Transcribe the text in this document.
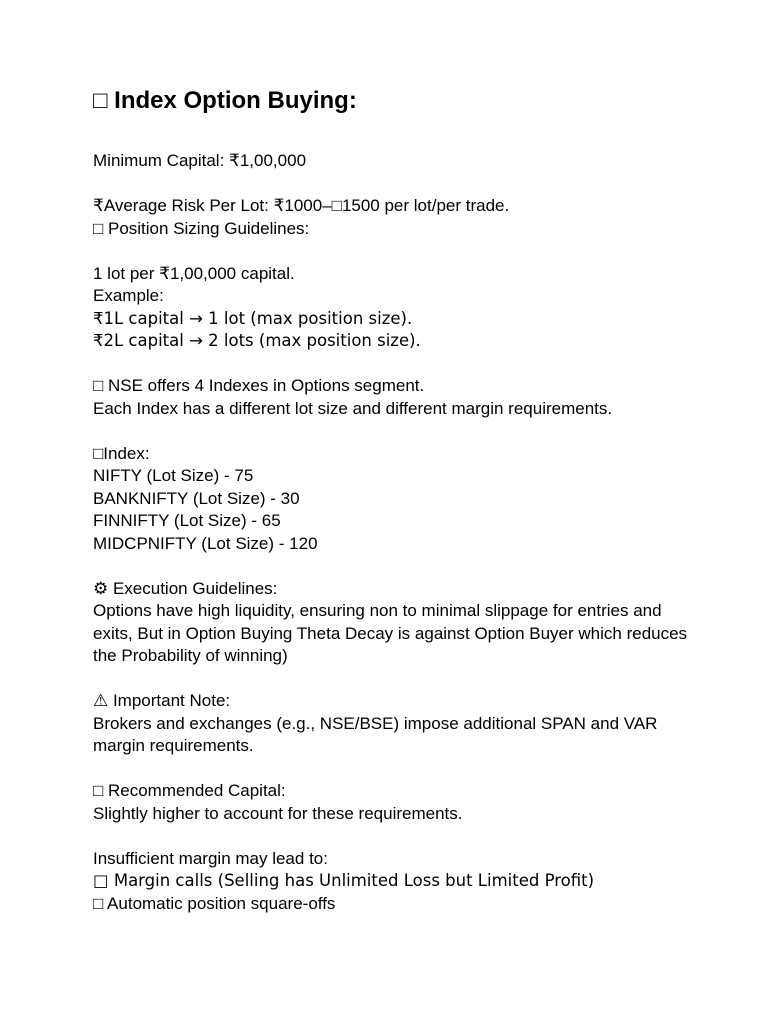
□ Index Option Buying:
Minimum Capital: ₹1,00,000
₹Average Risk Per Lot: ₹1000–□1500 per lot/per trade.
□ Position Sizing Guidelines:
1 lot per ₹1,00,000 capital.
Example:
₹1L capital → 1 lot (max position size).
₹2L capital → 2 lots (max position size).
□ NSE offers 4 Indexes in Options segment.
Each Index has a different lot size and different margin requirements.
□Index:
NIFTY (Lot Size) - 75
BANKNIFTY (Lot Size) - 30
FINNIFTY (Lot Size) - 65
MIDCPNIFTY (Lot Size) - 120
⚙ Execution Guidelines:
Options have high liquidity, ensuring non to minimal slippage for entries and exits, But in Option Buying Theta Decay is against Option Buyer which reduces the Probability of winning)
⚠ Important Note:
Brokers and exchanges (e.g., NSE/BSE) impose additional SPAN and VAR margin requirements.
□ Recommended Capital:
Slightly higher to account for these requirements.
Insufficient margin may lead to:
□ Margin calls (Selling has Unlimited Loss but Limited Profit)
□ Automatic position square-offs
